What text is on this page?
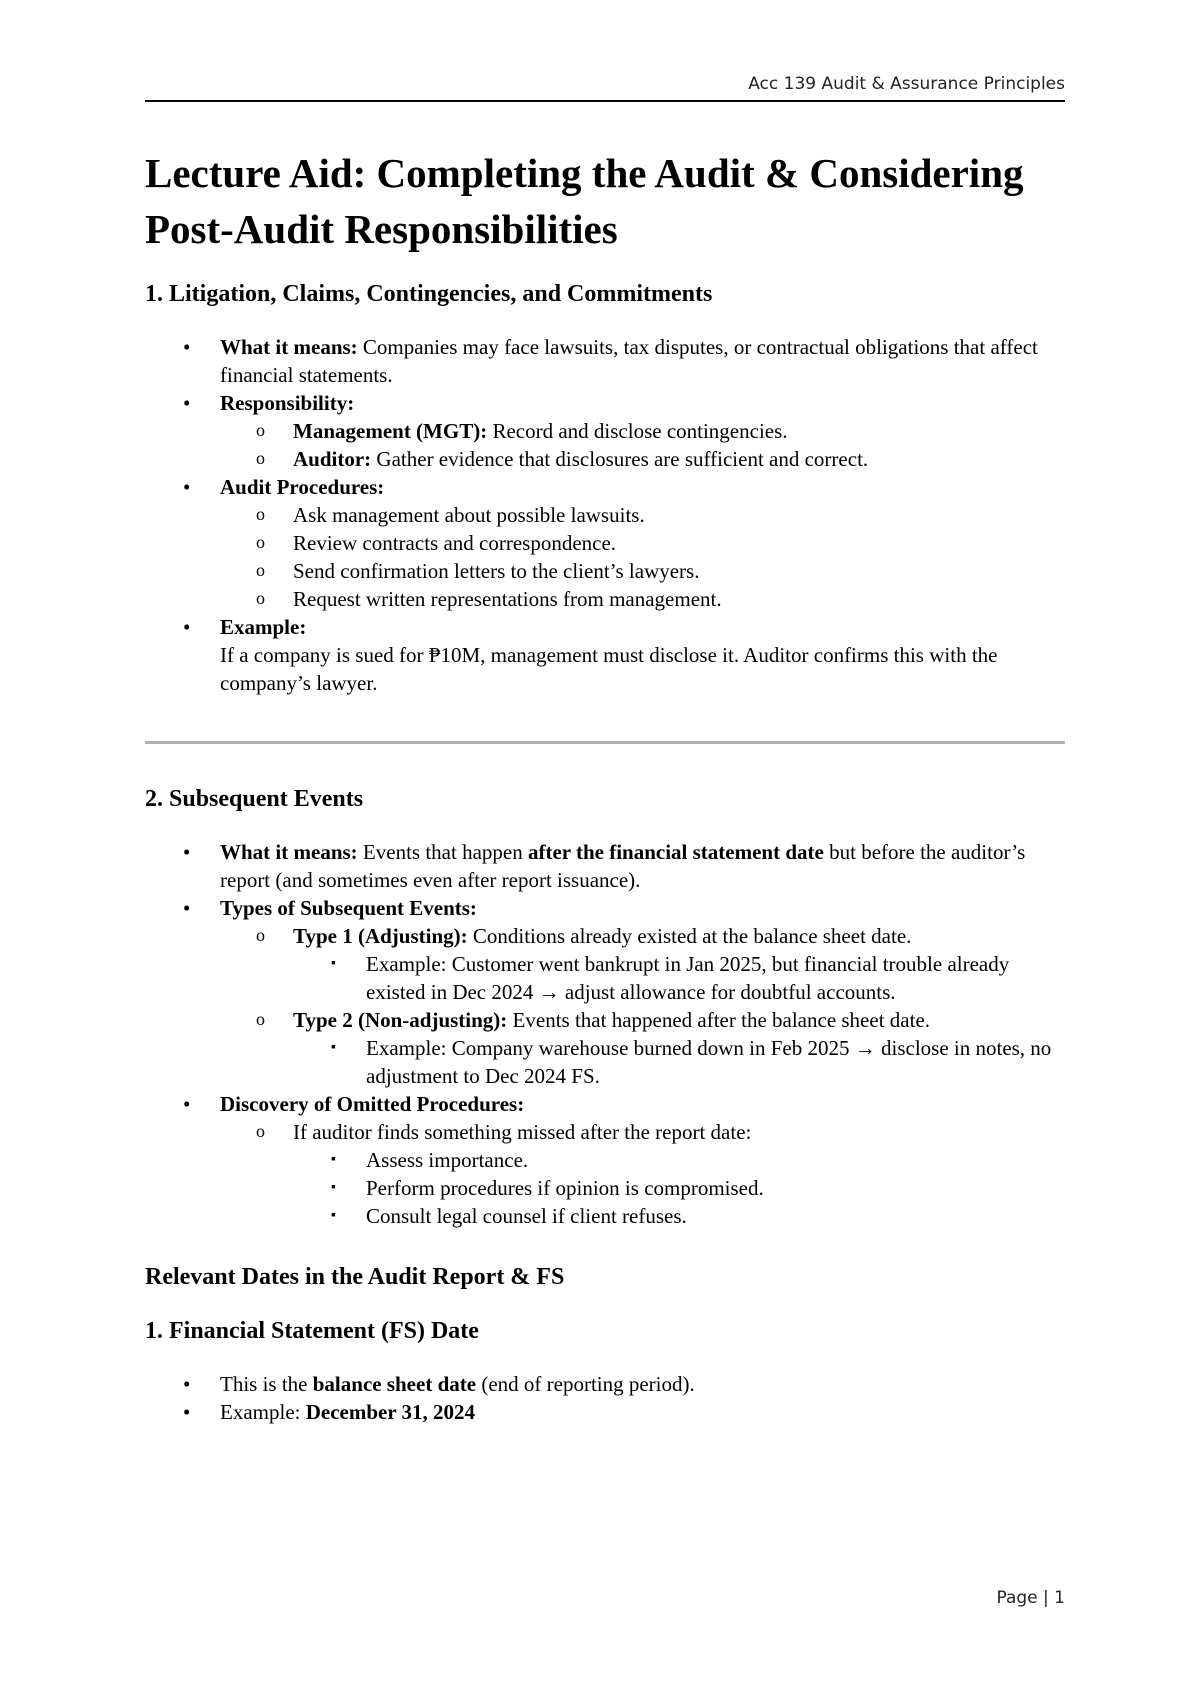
Acc 139 Audit & Assurance Principles
Lecture Aid: Completing the Audit & Considering Post-Audit Responsibilities
1. Litigation, Claims, Contingencies, and Commitments
• What it means: Companies may face lawsuits, tax disputes, or contractual obligations that affect financial statements.
• Responsibility:
o Management (MGT): Record and disclose contingencies.
o Auditor: Gather evidence that disclosures are sufficient and correct.
• Audit Procedures:
o Ask management about possible lawsuits.
o Review contracts and correspondence.
o Send confirmation letters to the client’s lawyers.
o Request written representations from management.
• Example:
If a company is sued for ₱10M, management must disclose it. Auditor confirms this with the company’s lawyer.
2. Subsequent Events
• What it means: Events that happen after the financial statement date but before the auditor’s report (and sometimes even after report issuance).
• Types of Subsequent Events:
o Type 1 (Adjusting): Conditions already existed at the balance sheet date.
▪ Example: Customer went bankrupt in Jan 2025, but financial trouble already existed in Dec 2024 → adjust allowance for doubtful accounts.
o Type 2 (Non-adjusting): Events that happened after the balance sheet date.
▪ Example: Company warehouse burned down in Feb 2025 → disclose in notes, no adjustment to Dec 2024 FS.
• Discovery of Omitted Procedures:
o If auditor finds something missed after the report date:
▪ Assess importance.
▪ Perform procedures if opinion is compromised.
▪ Consult legal counsel if client refuses.
Relevant Dates in the Audit Report & FS
1. Financial Statement (FS) Date
• This is the balance sheet date (end of reporting period).
• Example: December 31, 2024
Page | 1
